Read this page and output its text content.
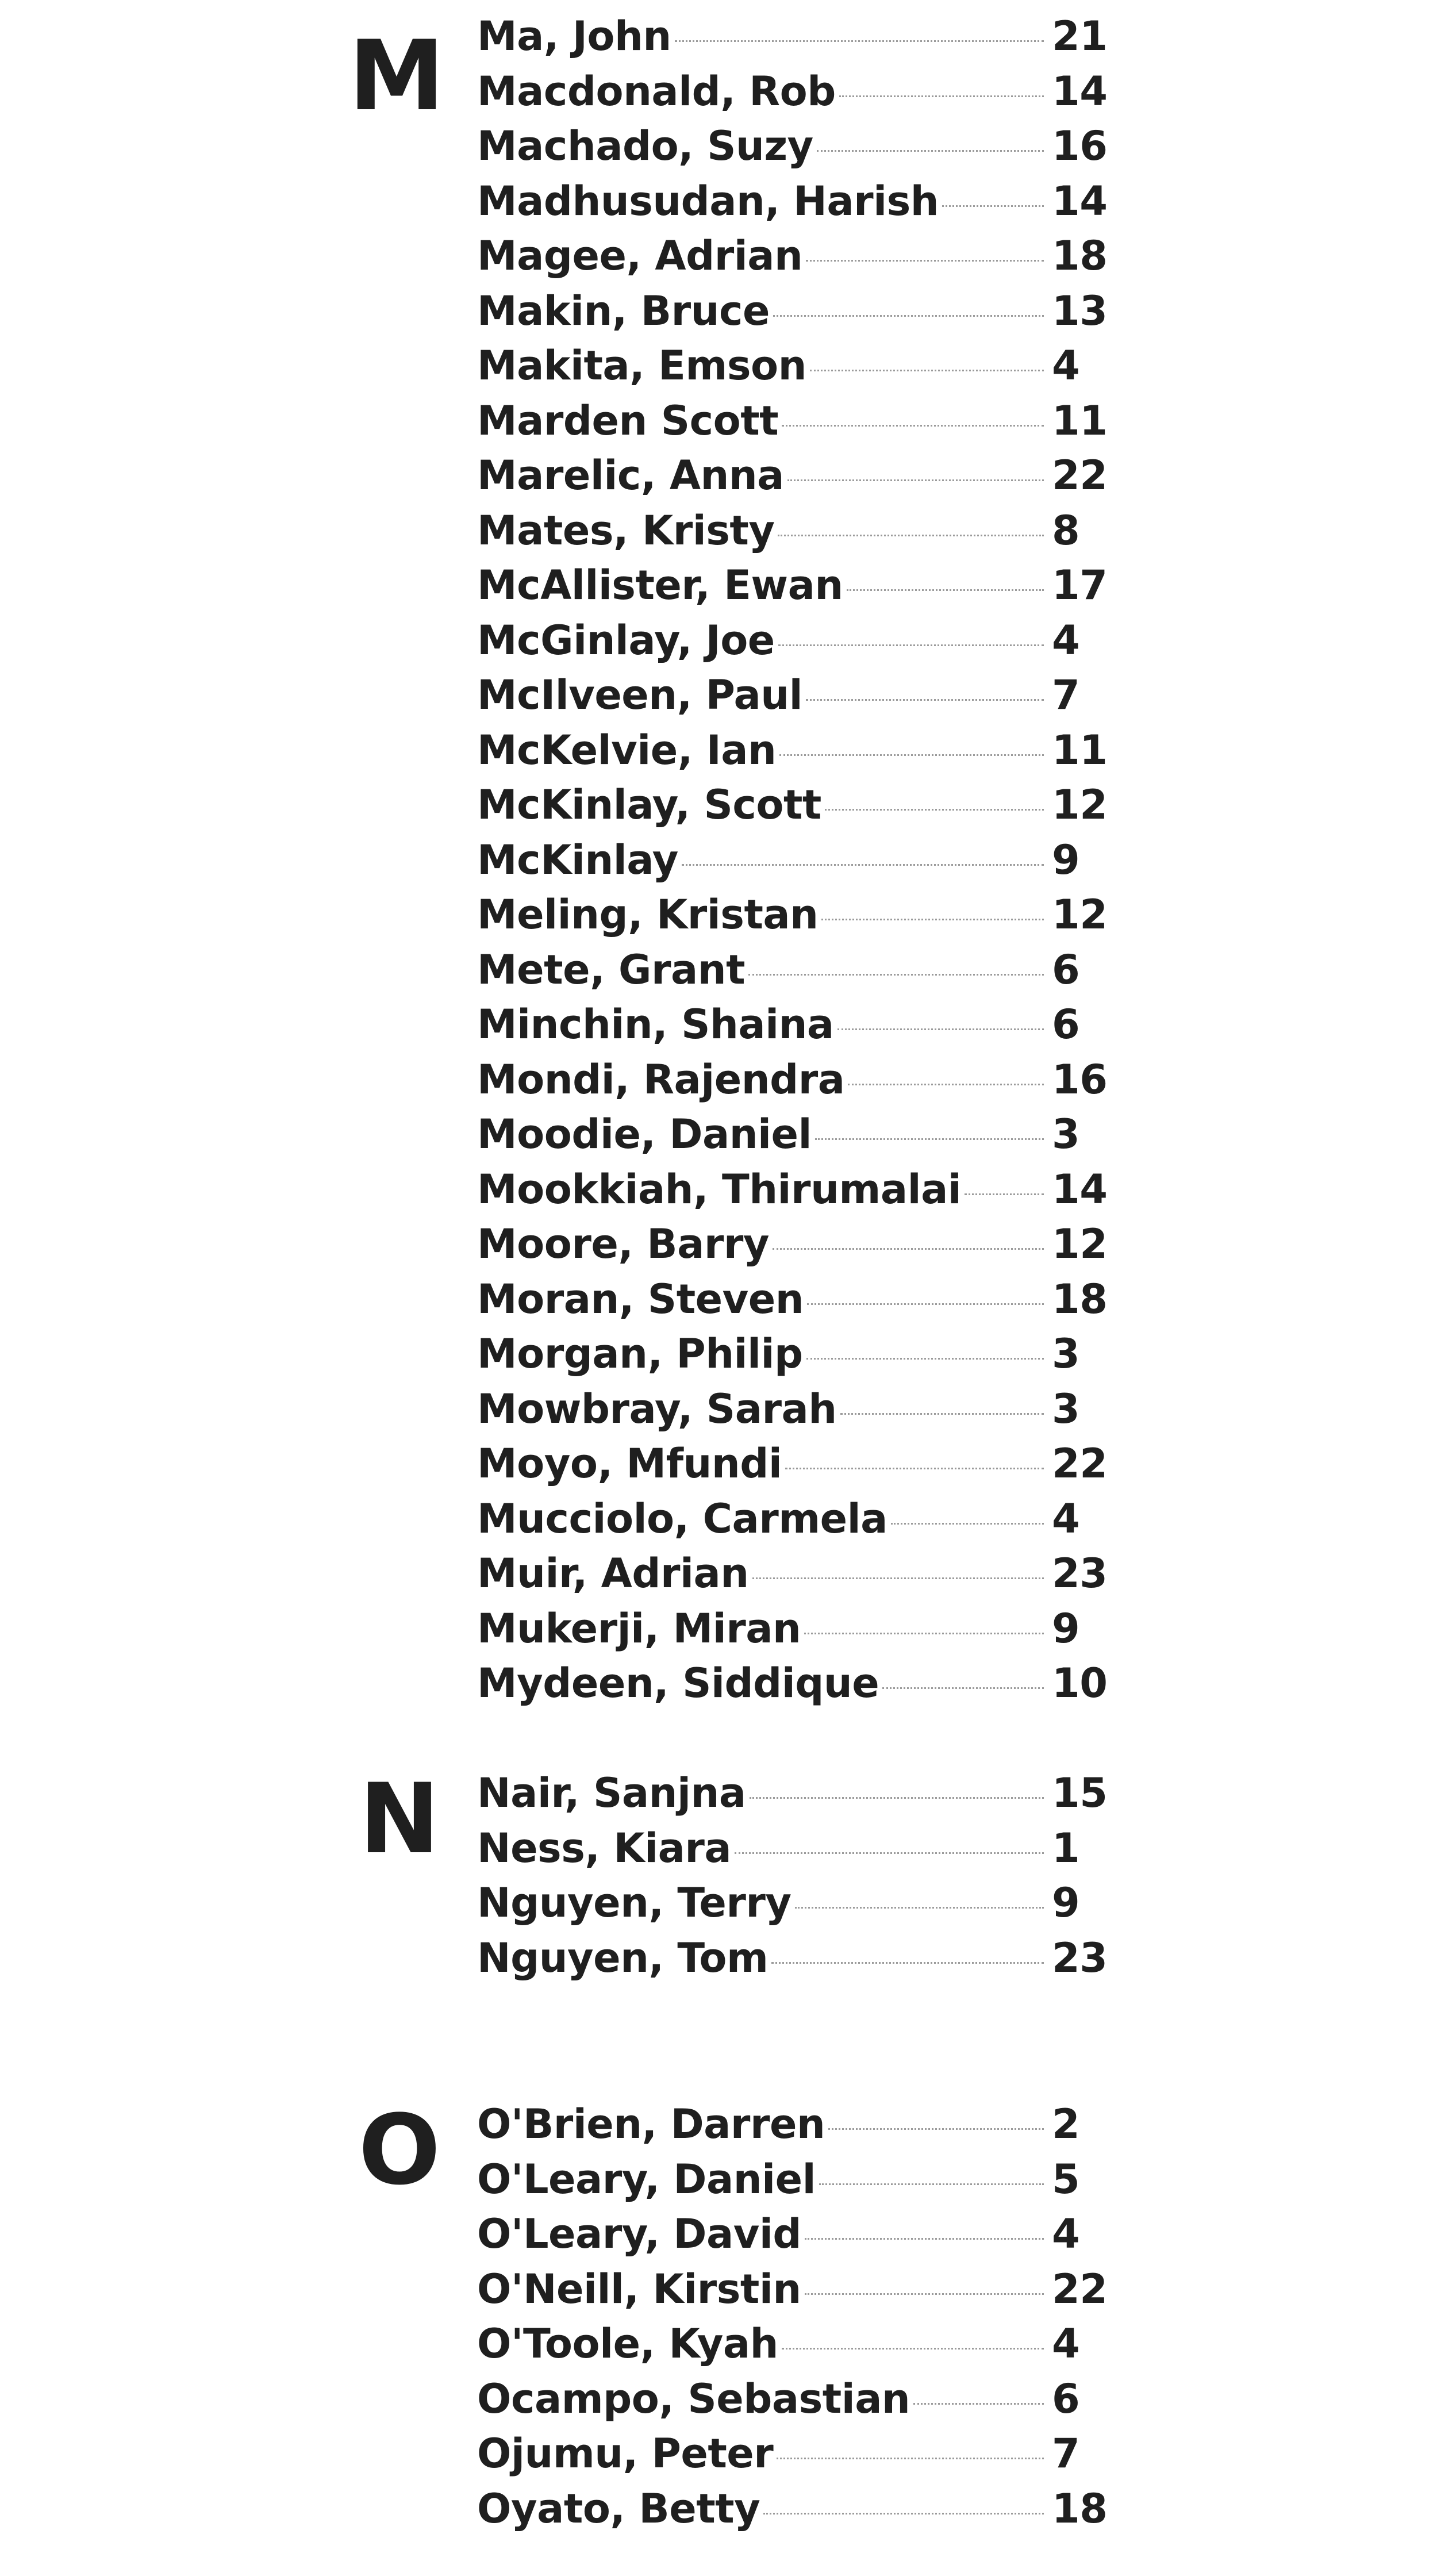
M Ma, John	21
Macdonald, Rob	14
Machado, Suzy	16
Madhusudan, Harish	14
Magee, Adrian	18
Makin, Bruce	13
Makita, Emson	4
Marden Scott	11
Marelic, Anna	22
Mates, Kristy	8
McAllister, Ewan	17
McGinlay, Joe	4
McIlveen, Paul	7
McKelvie, Ian	11
McKinlay, Scott	12
McKinlay	9
Meling, Kristan	12
Mete, Grant	6
Minchin, Shaina	6
Mondi, Rajendra	16
Moodie, Daniel	3
Mookkiah, Thirumalai 14
Moore, Barry	12
Moran, Steven	18
Morgan, Philip	3
Mowbray, Sarah	3
Moyo, Mfundi	22
Mucciolo, Carmela	4
Muir, Adrian	23
Mukerji, Miran	9
Mydeen, Siddique	10
N Nair, Sanjna	15
Ness, Kiara	1
Nguyen, Terry	9
Nguyen, Tom	23
O O'Brien, Darren	2
O'Leary, Daniel	5
O'Leary, David	4
O'Neill, Kirstin	22
O'Toole, Kyah	4
Ocampo, Sebastian	6
Ojumu, Peter	7
Oyato, Betty	18
